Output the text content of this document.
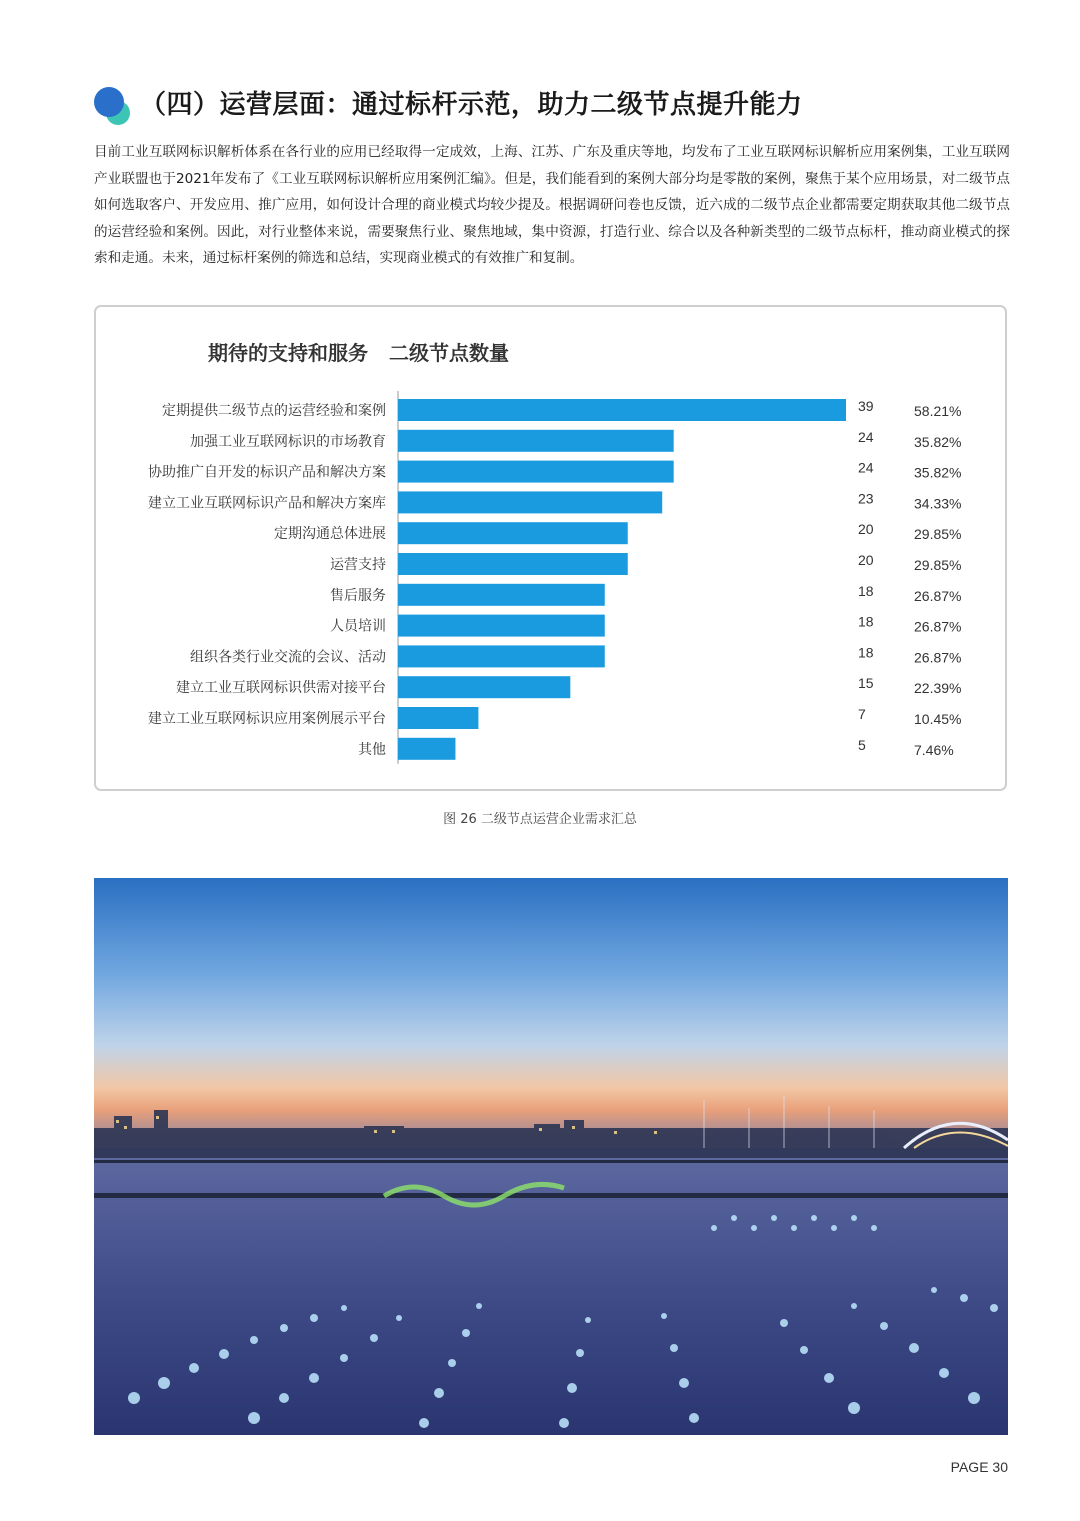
（四）运营层面：通过标杆示范，助力二级节点提升能力
目前工业互联网标识解析体系在各行业的应用已经取得一定成效，上海、江苏、广东及重庆等地，均发布了工业互联网标识解析应用案例集，工业互联网产业联盟也于2021年发布了《工业互联网标识解析应用案例汇编》。但是，我们能看到的案例大部分均是零散的案例，聚焦于某个应用场景，对二级节点如何选取客户、开发应用、推广应用，如何设计合理的商业模式均较少提及。根据调研问卷也反馈，近六成的二级节点企业都需要定期获取其他二级节点的运营经验和案例。因此，对行业整体来说，需要聚焦行业、聚焦地域，集中资源，打造行业、综合以及各种新类型的二级节点标杆，推动商业模式的探索和走通。未来，通过标杆案例的筛选和总结，实现商业模式的有效推广和复制。
期待的支持和服务 二级节点数量
定期提供二级节点的运营经验和案例	39	58.21%
加强工业互联网标识的市场教育	24	35.82%
协助推广自开发的标识产品和解决方案	24	35.82%
建立工业互联网标识产品和解决方案库	23	34.33%
定期沟通总体进展	20	29.85%
运营支持	20	29.85%
售后服务	18	26.87%
人员培训	18	26.87%
组织各类行业交流的会议、活动	18	26.87%
建立工业互联网标识供需对接平台	15	22.39%
建立工业互联网标识应用案例展示平台	7	10.45%
其他	5	7.46%
图 26 二级节点运营企业需求汇总
PAGE 30
